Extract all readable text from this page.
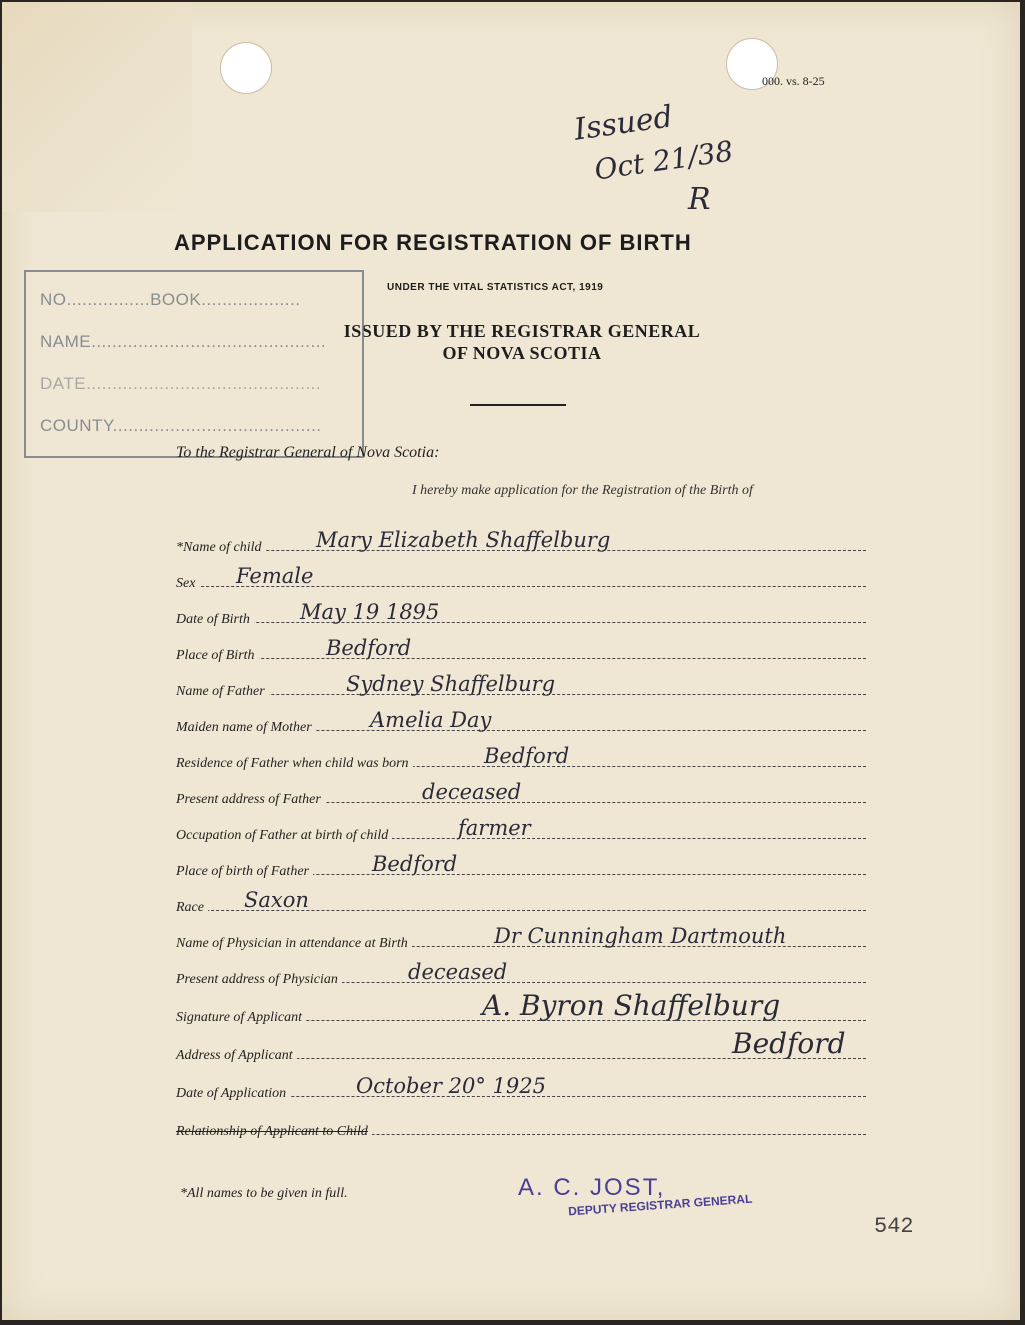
000. vs. 8-25
Issued
Oct 21/38
R
APPLICATION FOR REGISTRATION OF BIRTH
UNDER THE VITAL STATISTICS ACT, 1919
ISSUED BY THE REGISTRAR GENERAL
OF NOVA SCOTIA
NO................BOOK...................
NAME.............................................
DATE.............................................
COUNTY........................................
To the Registrar General of Nova Scotia:
I hereby make application for the Registration of the Birth of
*Name of child	Mary Elizabeth Shaffelburg
Sex Female
Date of Birth May 19 1895
Place of Birth	Bedford
Name of Father	Sydney Shaffelburg
Maiden name of Mother	Amelia Day
Residence of Father when child was born	Bedford
Present address of Father	deceased
Occupation of Father at birth of child	farmer
Place of birth of Father	Bedford
Race Saxon
Name of Physician in attendance at Birth	Dr Cunningham Dartmouth
Present address of Physician	deceased
Signature of Applicant	A. Byron Shaffelburg
Address of Applicant	Bedford
Date of Application	October 20° 1925
Relationship of Applicant to Child
*All names to be given in full.	A. C. JOST,
DEPUTY REGISTRAR GENERAL
542
